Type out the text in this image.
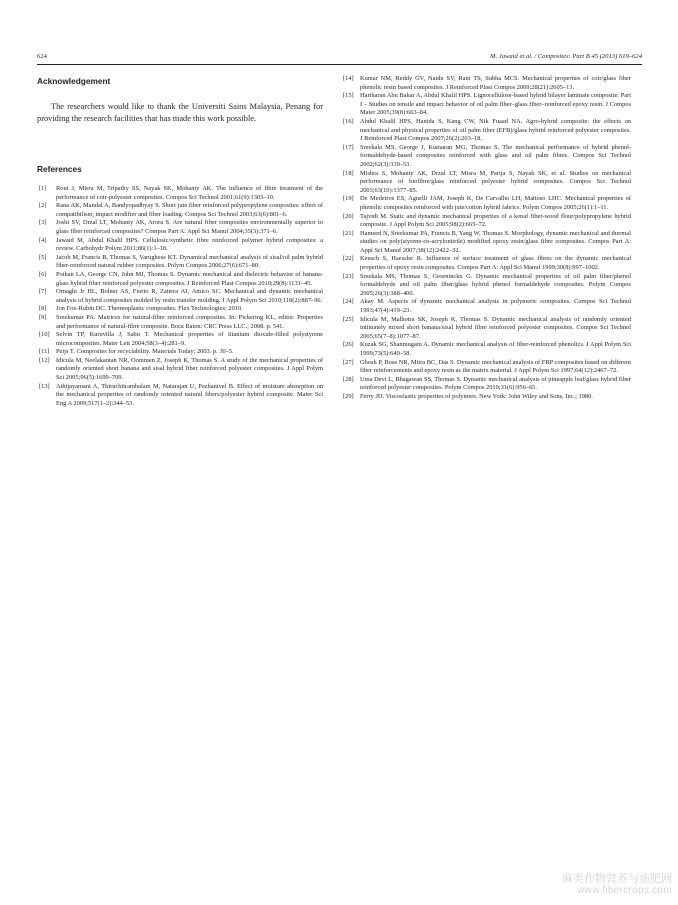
624	M. Jawaid et al. / Composites: Part B 45 (2013) 619–624
Acknowledgement

The researchers would like to thank the Universiti Sains Malaysia, Penang for providing the research facilities that has made this work possible.

References
[1] Rout J, Misra M, Tripathy SS, Nayak SK, Mohanty AK. The influence of fibre treatment of the performance of coir-polyester composites. Compos Sci Technol 2001;61(9):1303–10.
[2] Rana AK, Mandal A, Bandyopadhyay S. Short jute fiber reinforced polypropylene composites: effect of compatibiliser, impact modifier and fiber loading. Compos Sci Technol 2003;63(6):801–6.
[3] Joshi SV, Drzal LT, Mohanty AK, Arora S. Are natural fiber composites environmentally superior to glass fiber reinforced composites? Compos Part A: Appl Sci Manuf 2004;35(3):371–6.
[4] Jawaid M, Abdul Khalil HPS. Cellulosic/synthetic fibre reinforced polymer hybrid composites: a review. Carbohydr Polym 2011;86(1):1–18.
[5] Jacob M, Francis B, Thomas S, Varughese KT. Dynamical mechanical analysis of sisal/oil palm hybrid fiber-reinforced natural rubber composites. Polym Compos 2006;27(6):671–80.
[6] Pothan LA, George CN, John MJ, Thomas S. Dynamic mechanical and dielectric behavior of banana-glass hybrid fiber reinforced polyester composites. J Reinforced Plast Compos 2010;29(8):1131–45.
[7] Ornaghi Jr HL, Bolner AS, Fiorio R, Zattera AJ, Amico SC. Mechanical and dynamic mechanical analysis of hybrid composites molded by resin transfer molding. J Appl Polym Sci 2010;118(2):887–96.
[8] Jon Fox-Rubin DC. Thermoplastic composites. Flex Technologies; 2010.
[9] Sreekumar PA. Matrices for natural-fibre reinforced composites. In: Pickering KL, editor. Properties and performance of natural-fibre composite. Boca Raton: CRC Press LLC.; 2008. p. 541.
[10] Selvin TP, Kuruvilla J, Sabu T. Mechanical properties of titanium dioxide-filled polystyrene microcomposites. Mater Lett 2004;58(3–4):281–9.
[11] Peijs T. Composites for recyclability. Materials Today; 2003. p. 30–5.
[12] Idicula M, Neelakantan NR, Oommen Z, Joseph K, Thomas S. A study of the mechanical properties of randomly oriented short banana and sisal hybrid fiber reinforced polyester composites. J Appl Polym Sci 2005;96(5):1699–709.
[13] Athijayamani A, Thiruchitrambalam M, Natarajan U, Pazhanivel B. Effect of moisture absorption on the mechanical properties of randomly oriented natural fibers/polyester hybrid composite. Mater Sci Eng A 2009;517(1–2):344–53.
[14] Kumar NM, Reddy GV, Naidu SV, Rani TS, Subha MCS. Mechanical properties of coir/glass fiber phenolic resin based composites. J Reinforced Plast Compos 2009;28(21):2605–13.
[15] Hariharan Abu Bakar A, Abdul Khalil HPS. Lignocellulose-based hybrid bilayer laminate composite: Part I – Studies on tensile and impact behavior of oil palm fiber–glass fiber–reinforced epoxy resin. J Compos Mater 2005;39(8):663–84.
[16] Abdul Khalil HPS, Hanida S, Kang CW, Nik Fuaad NA. Agro-hybrid composite: the effects on mechanical and physical properties of oil palm fiber (EFB)/glass hybrid reinforced polyester composites. J Reinforced Plast Compos 2007;26(2):203–18.
[17] Sreekala MS, George J, Kumaran MG, Thomas S. The mechanical performance of hybrid phenol-formaldehyde-based composites reinforced with glass and oil palm fibres. Compos Sci Technol 2002;62(3):339–53.
[18] Mishra S, Mohanty AK, Drzal LT, Misra M, Parija S, Nayak SK, et al. Studies on mechanical performance of biofibre/glass reinforced polyester hybrid composites. Compos Sci Technol 2003;63(10):1377–85.
[19] De Medeiros ES, Agnelli JAM, Joseph K, De Carvalho LH, Mattoso LHC. Mechanical properties of phenolic composites reinforced with jute/cotton hybrid fabrics. Polym Compos 2005;26(1):1–11.
[20] Tajvidi M. Static and dynamic mechanical properties of a kenaf fiber-wood flour/polypropylene hybrid composite. J Appl Polym Sci 2005;98(2):665–72.
[21] Hameed N, Sreekumar PA, Francis B, Yang W, Thomas S. Morphology, dynamic mechanical and thermal studies on poly(styrene-co-acrylonitrile) modified epoxy resin/glass fibre composites. Compos Part A: Appl Sci Manuf 2007;38(12):2422–32.
[22] Keusch S, Haessler R. Influence of surface treatment of glass fibres on the dynamic mechanical properties of epoxy resin composites. Compos Part A: Appl Sci Manuf 1999;30(8):997–1002.
[23] Sreekala MS, Thomas S, Groeninckx G. Dynamic mechanical properties of oil palm fiber/phenol formaldehyde and oil palm fiber/glass hybrid phenol formaldehyde composites. Polym Compos 2005;26(3):388–400.
[24] Akay M. Aspects of dynamic mechanical analysis in polymeric composites. Compos Sci Technol 1993;47(4):419–23.
[25] Idicula M, Malhotra SK, Joseph K, Thomas S. Dynamic mechanical analysis of randomly oriented intimately mixed short banana/sisal hybrid fibre reinforced polyester composites. Compos Sci Technol 2005;65(7–8):1077–87.
[26] Kuzak SG, Shanmugam A. Dynamic mechanical analysis of fiber-reinforced phenolics. J Appl Polym Sci 1999;73(5):649–58.
[27] Ghosh P, Bose NR, Mitra BC, Das S. Dynamic mechanical analysis of FRP composites based on different fiber reinforcements and epoxy resin as the matrix material. J Appl Polym Sci 1997;64(12):2467–72.
[28] Uma Devi L, Bhagawan SS, Thomas S. Dynamic mechanical analysis of pineapple leaf/glass hybrid fiber reinforced polyester composites. Polym Compos 2010;31(6):956–65.
[29] Ferry JD. Viscoelastic properties of polymers. New York: John Wiley and Sons, Inc.; 1980.
麻类作物营养与施肥网
www.fibercrops.com
